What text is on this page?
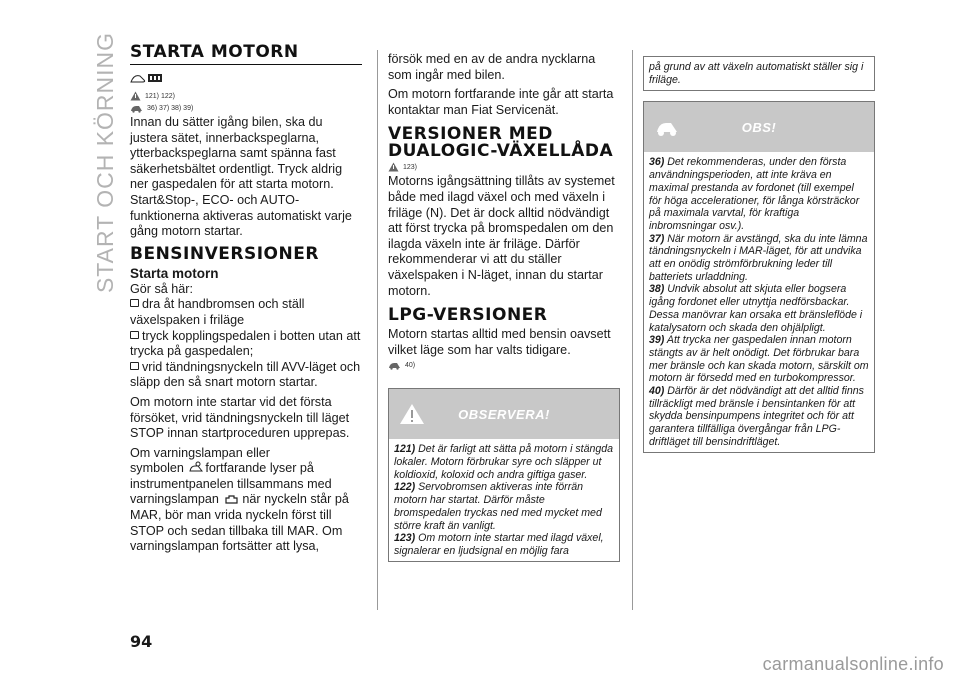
START OCH KÖRNING STARTA MOTORN
121) 122)
36) 37) 38) 39)

Innan du sätter igång bilen, ska du justera sätet, innerbackspeglarna, ytterbackspeglarna samt spänna fast säkerhetsbältet ordentligt. Tryck aldrig ner gaspedalen för att starta motorn. Start&Stop-, ECO- och AUTO-funktionerna aktiveras automatiskt varje gång motorn startar.

BENSINVERSIONER
Starta motorn

Gör så här:

dra åt handbromsen och ställ växelspaken i friläge

tryck kopplingspedalen i botten utan att trycka på gaspedalen;

vrid tändningsnyckeln till AVV-läget och släpp den så snart motorn startar.

Om motorn inte startar vid det första försöket, vrid tändningsnyckeln till läget STOP innan startproceduren upprepas.

Om varningslampan eller

symbolen fortfarande lyser på instrumentpanelen tillsammans med

varningslampan när nyckeln står på MAR, bör man vrida nyckeln först till STOP och sedan tillbaka till MAR. Om varningslampan fortsätter att lysa,

försök med en av de andra nycklarna som ingår med bilen.

Om motorn fortfarande inte går att starta kontaktar man Fiat Servicenät.

VERSIONER MED
DUALOGIC-VÄXELLÅDA
123)

Motorns igångsättning tillåts av systemet både med ilagd växel och med växeln i friläge (N). Det är dock alltid nödvändigt att först trycka på bromspedalen om den ilagda växeln inte är friläge. Därför rekommenderar vi att du ställer växelspaken i N-läget, innan du startar motorn.

LPG-VERSIONER

Motorn startas alltid med bensin oavsett vilket läge som har valts tidigare.

40)
OBSERVERA!

121) Det är farligt att sätta på motorn i stängda lokaler. Motorn förbrukar syre och släpper ut koldioxid, koloxid och andra giftiga gaser.

122) Servobromsen aktiveras inte förrän motorn har startat. Därför måste bromspedalen tryckas ned med mycket med större kraft än vanligt.

123) Om motorn inte startar med ilagd växel, signalerar en ljudsignal en möjlig fara

på grund av att växeln automatiskt ställer sig i friläge.

OBS!

36) Det rekommenderas, under den första användningsperioden, att inte kräva en maximal prestanda av fordonet (till exempel för höga accelerationer, för långa körsträckor på maximala varvtal, för kraftiga inbromsningar osv.).

37) När motorn är avstängd, ska du inte lämna tändningsnyckeln i MAR-läget, för att undvika att en onödig strömförbrukning leder till batteriets urladdning.

38) Undvik absolut att skjuta eller bogsera igång fordonet eller utnyttja nedförsbackar. Dessa manövrar kan orsaka ett bränsleflöde i katalysatorn och skada den ohjälpligt.

39) Att trycka ner gaspedalen innan motorn stängts av är helt onödigt. Det förbrukar bara mer bränsle och kan skada motorn, särskilt om motorn är försedd med en turbokompressor.

40) Därför är det nödvändigt att det alltid finns tillräckligt med bränsle i bensintanken för att skydda bensinpumpens integritet och för att garantera tillfälliga övergångar från LPG-driftläget till bensindriftläget.

94
carmanualsonline.info
